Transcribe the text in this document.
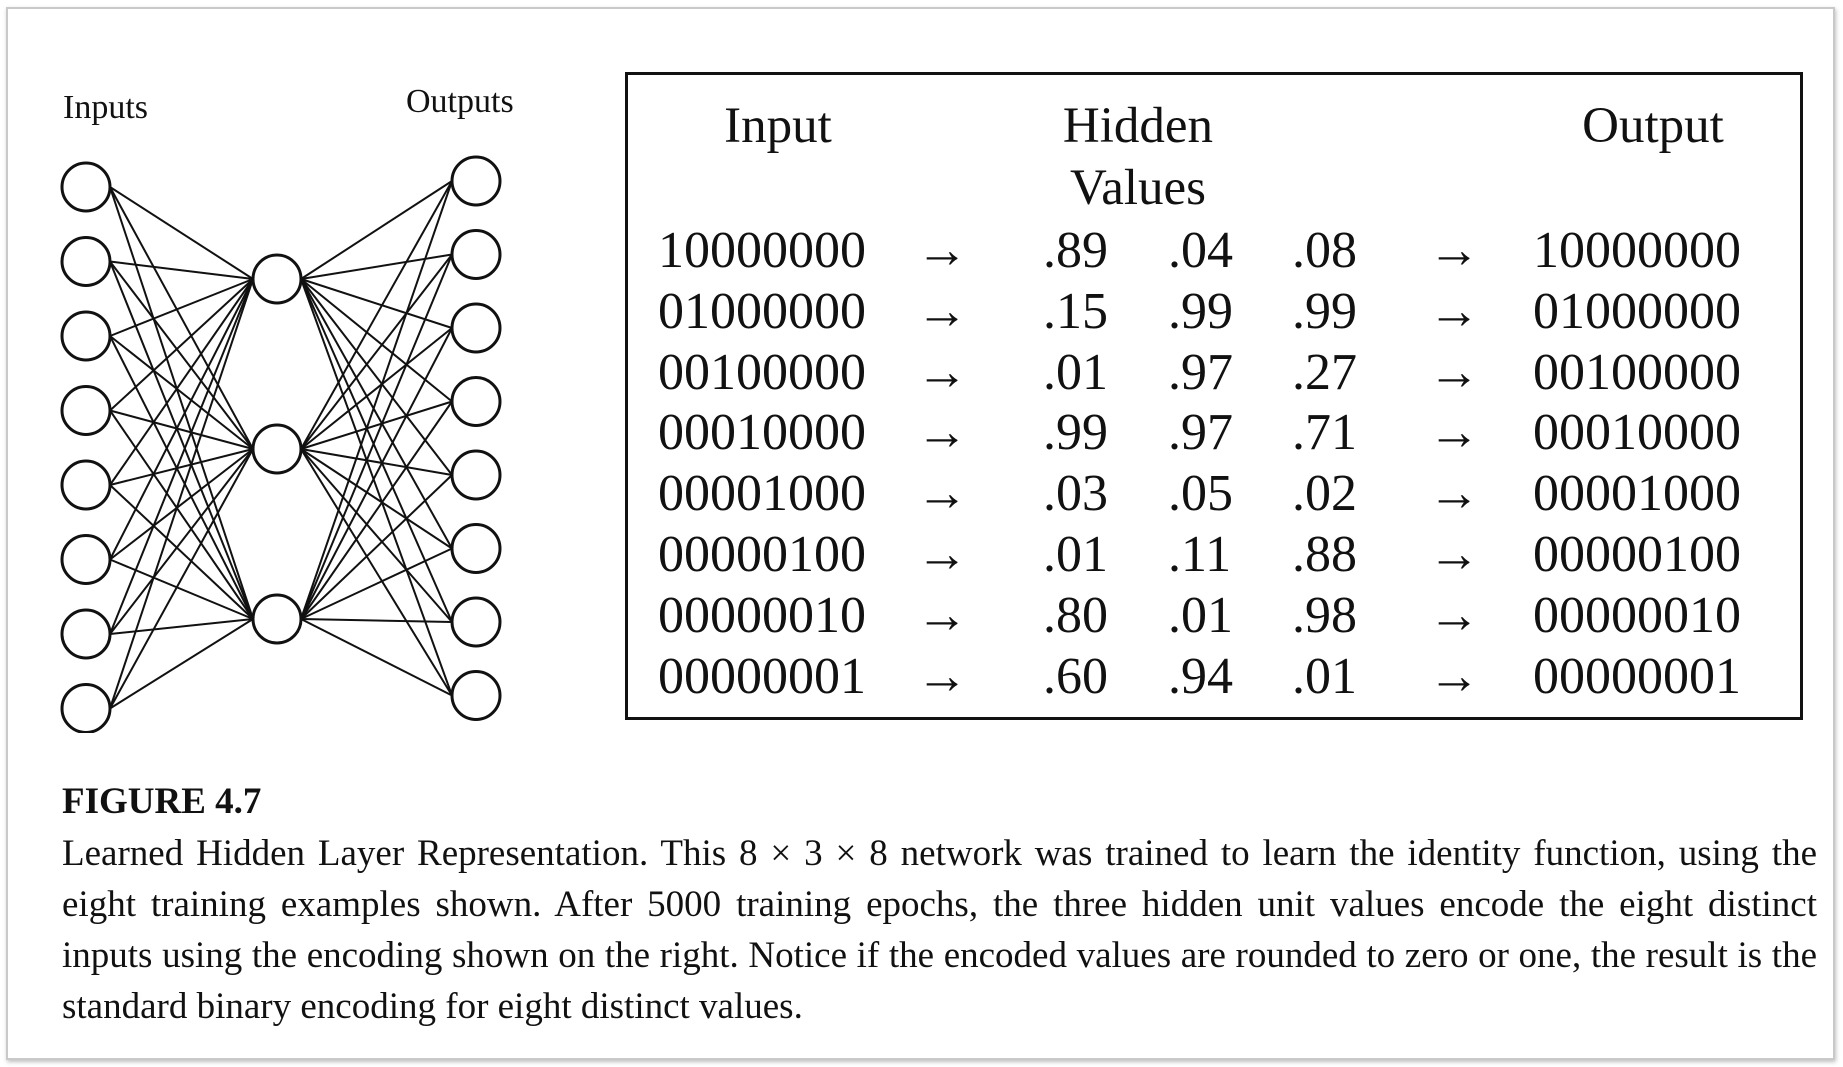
Inputs	Outputs	Input	Hidden
Values
Output
10000000 → .89 .04 .08 → 10000000
01000000 → .15 .99 .99 → 01000000
00100000 → .01 .97 .27 → 00100000
00010000 → .99 .97 .71 → 00010000
00001000 → .03 .05 .02 → 00001000
00000100 → .01 .11 .88 → 00000100
00000010 → .80 .01 .98 → 00000010
00000001 → .60 .94 .01 → 00000001
FIGURE 4.7
Learned Hidden Layer Representation. This 8 × 3 × 8 network was trained to learn the identity function, using the eight training examples shown. After 5000 training epochs, the three hidden unit values encode the eight distinct inputs using the encoding shown on the right. Notice if the encoded values are rounded to zero or one, the result is the standard binary encoding for eight distinct values.
